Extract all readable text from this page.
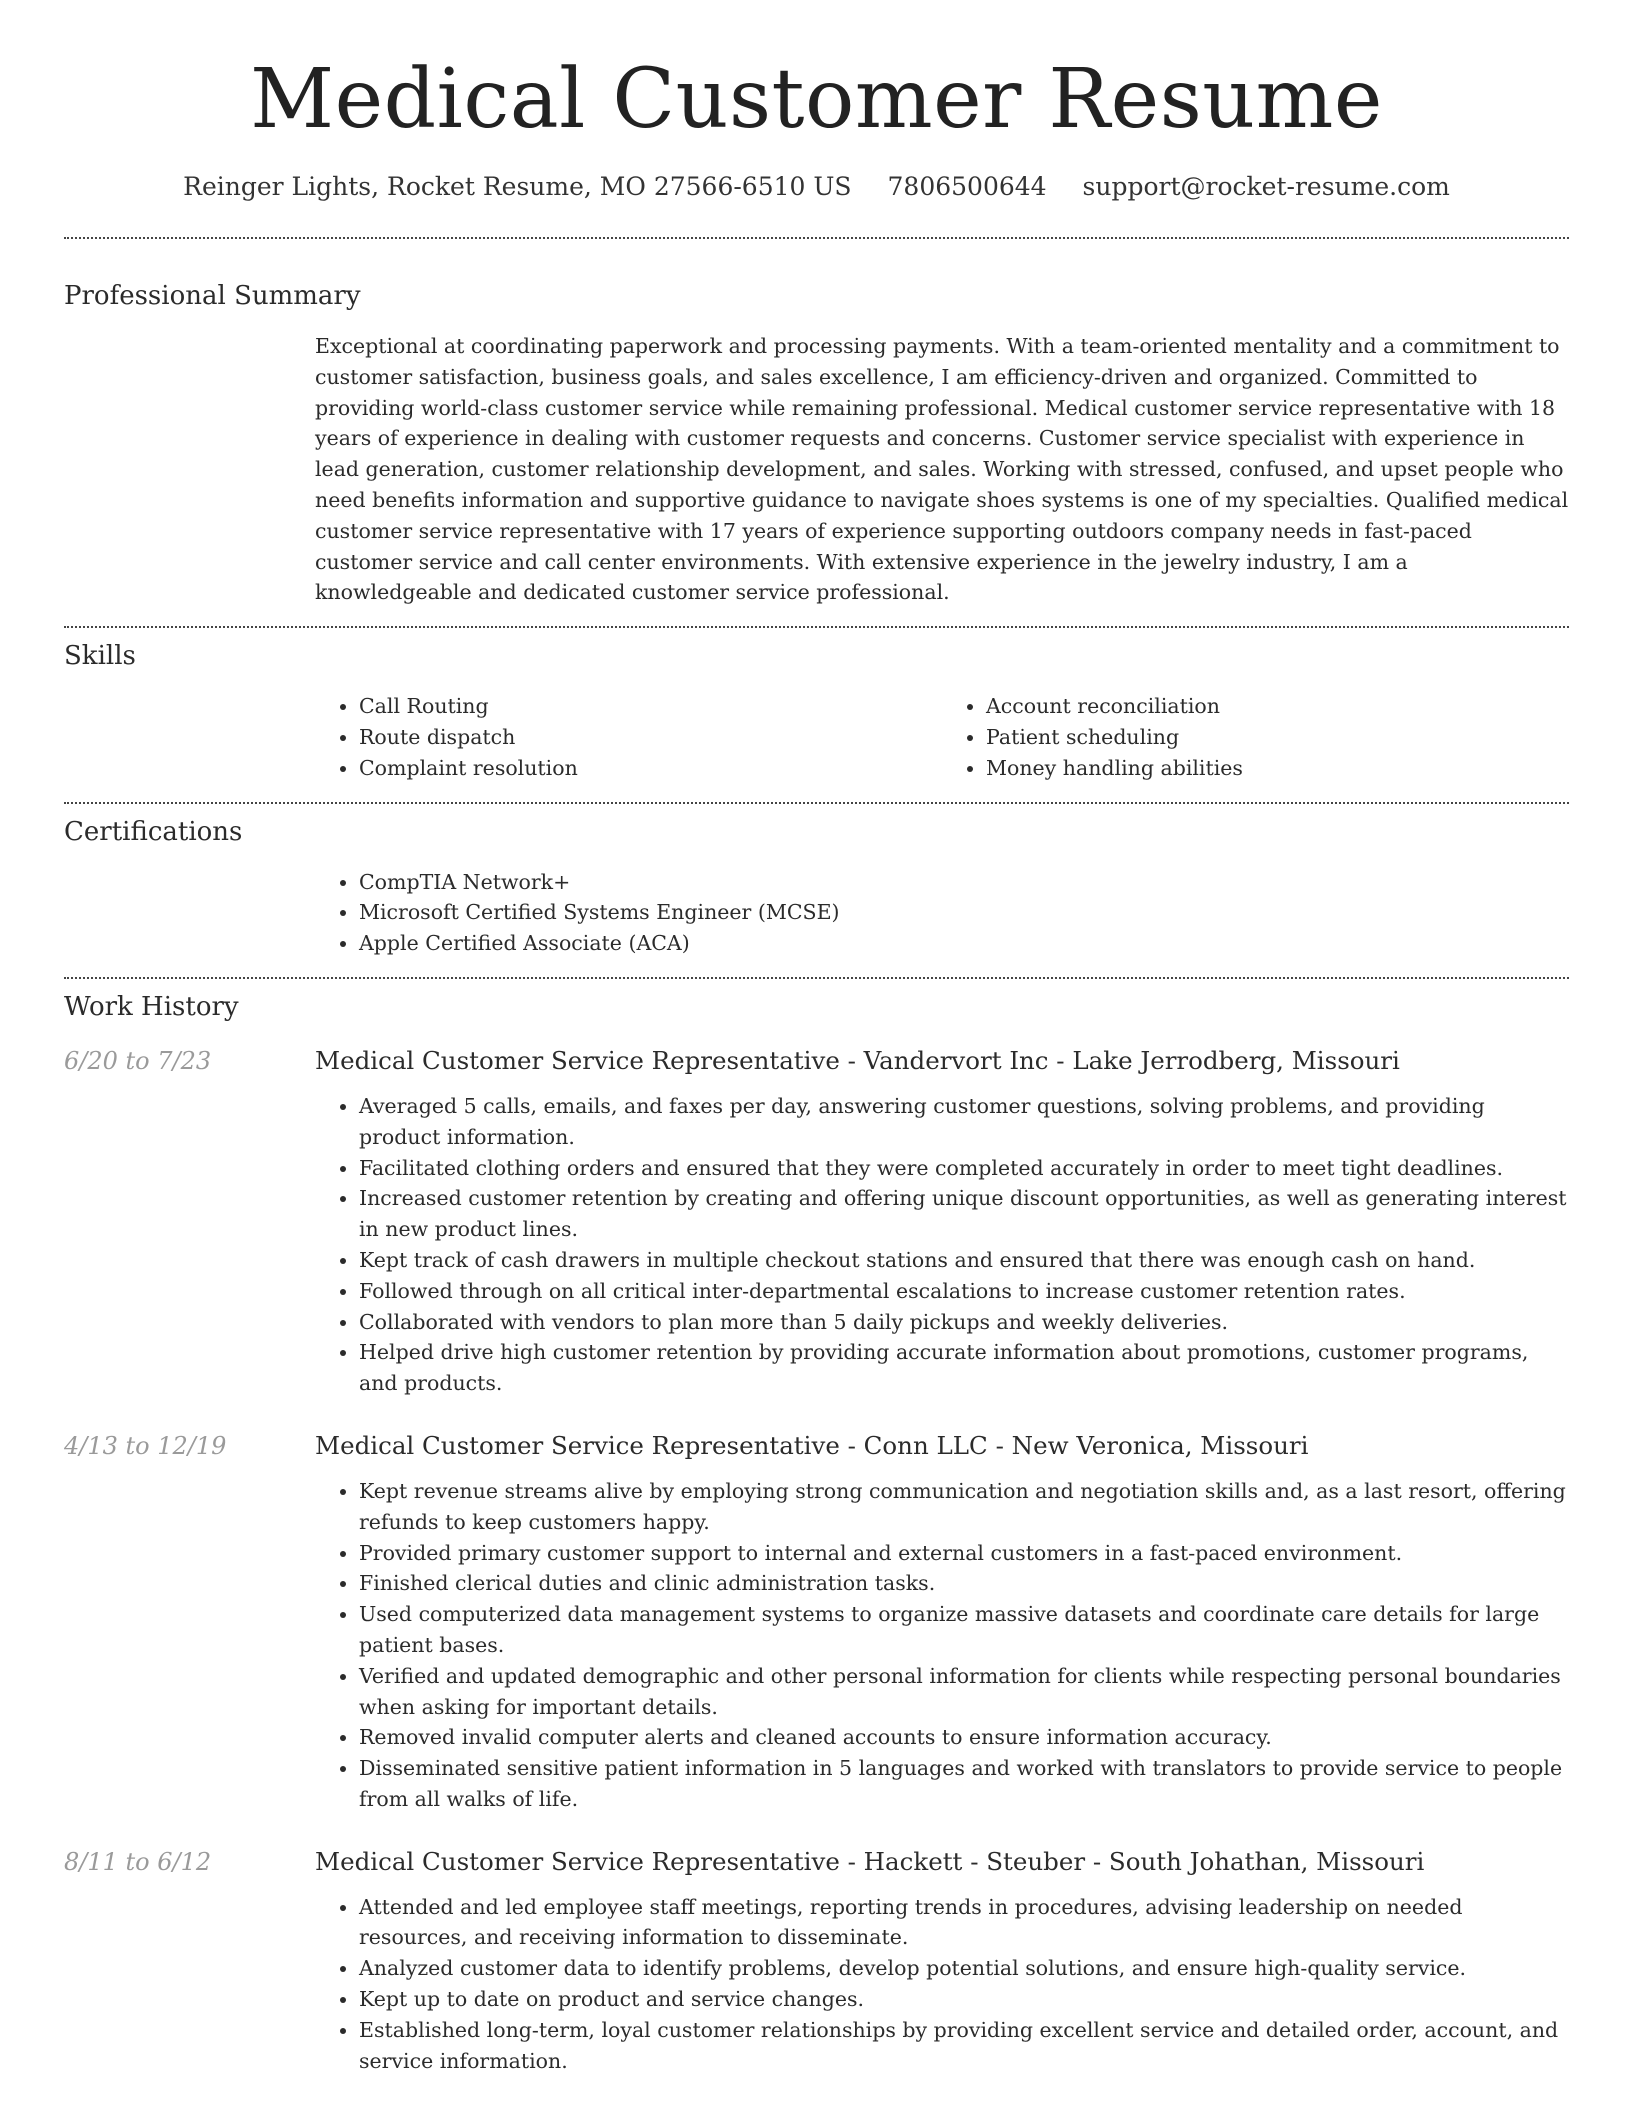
Medical Customer Resume
Reinger Lights, Rocket Resume, MO 27566-6510 US 7806500644 support@rocket-resume.com
Professional Summary
Exceptional at coordinating paperwork and processing payments. With a team-oriented mentality and a commitment to customer satisfaction, business goals, and sales excellence, I am efficiency-driven and organized. Committed to providing world-class customer service while remaining professional. Medical customer service representative with 18 years of experience in dealing with customer requests and concerns. Customer service specialist with experience in lead generation, customer relationship development, and sales. Working with stressed, confused, and upset people who need benefits information and supportive guidance to navigate shoes systems is one of my specialties. Qualified medical customer service representative with 17 years of experience supporting outdoors company needs in fast-paced customer service and call center environments. With extensive experience in the jewelry industry, I am a knowledgeable and dedicated customer service professional.
Skills
• Call Routing
• Route dispatch
• Complaint resolution
• Account reconciliation
• Patient scheduling
• Money handling abilities
Certifications
• CompTIA Network+
• Microsoft Certified Systems Engineer (MCSE)
• Apple Certified Associate (ACA)
Work History
6/20 to 7/23	Medical Customer Service Representative - Vandervort Inc - Lake Jerrodberg, Missouri
• Averaged 5 calls, emails, and faxes per day, answering customer questions, solving problems, and providing product information.
• Facilitated clothing orders and ensured that they were completed accurately in order to meet tight deadlines.
• Increased customer retention by creating and offering unique discount opportunities, as well as generating interest in new product lines.
• Kept track of cash drawers in multiple checkout stations and ensured that there was enough cash on hand.
• Followed through on all critical inter-departmental escalations to increase customer retention rates.
• Collaborated with vendors to plan more than 5 daily pickups and weekly deliveries.
• Helped drive high customer retention by providing accurate information about promotions, customer programs, and products.
4/13 to 12/19	Medical Customer Service Representative - Conn LLC - New Veronica, Missouri
• Kept revenue streams alive by employing strong communication and negotiation skills and, as a last resort, offering refunds to keep customers happy.
• Provided primary customer support to internal and external customers in a fast-paced environment.
• Finished clerical duties and clinic administration tasks.
• Used computerized data management systems to organize massive datasets and coordinate care details for large patient bases.
• Verified and updated demographic and other personal information for clients while respecting personal boundaries when asking for important details.
• Removed invalid computer alerts and cleaned accounts to ensure information accuracy.
• Disseminated sensitive patient information in 5 languages and worked with translators to provide service to people from all walks of life.
8/11 to 6/12	Medical Customer Service Representative - Hackett - Steuber - South Johathan, Missouri
• Attended and led employee staff meetings, reporting trends in procedures, advising leadership on needed resources, and receiving information to disseminate.
• Analyzed customer data to identify problems, develop potential solutions, and ensure high-quality service.
• Kept up to date on product and service changes.
• Established long-term, loyal customer relationships by providing excellent service and detailed order, account, and service information.
